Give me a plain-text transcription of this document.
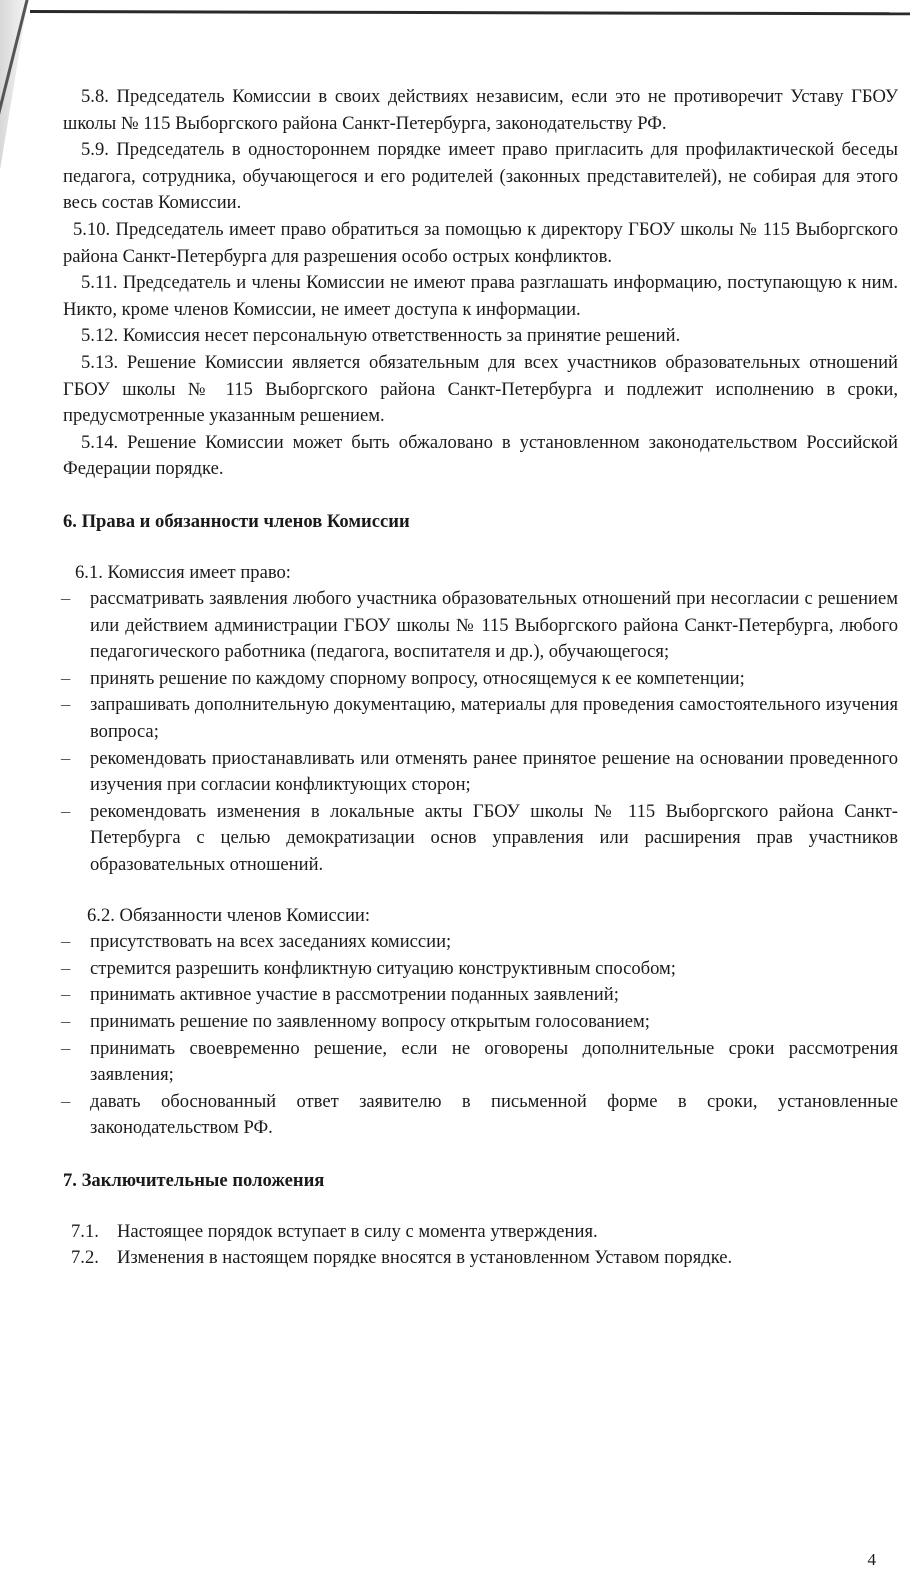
5.8. Председатель Комиссии в своих действиях независим, если это не противоречит Уставу ГБОУ школы № 115 Выборгского района Санкт-Петербурга, законодательству РФ.

5.9. Председатель в одностороннем порядке имеет право пригласить для профилактической беседы педагога, сотрудника, обучающегося и его родителей (законных представителей), не собирая для этого весь состав Комиссии.

5.10. Председатель имеет право обратиться за помощью к директору ГБОУ школы № 115 Выборгского района Санкт-Петербурга для разрешения особо острых конфликтов.

5.11. Председатель и члены Комиссии не имеют права разглашать информацию, поступающую к ним. Никто, кроме членов Комиссии, не имеет доступа к информации.

5.12. Комиссия несет персональную ответственность за принятие решений.

5.13. Решение Комиссии является обязательным для всех участников образовательных отношений ГБОУ школы № 115 Выборгского района Санкт-Петербурга и подлежит исполнению в сроки, предусмотренные указанным решением.

5.14. Решение Комиссии может быть обжаловано в установленном законодательством Российской Федерации порядке.

6. Права и обязанности членов Комиссии

6.1. Комиссия имеет право:

– рассматривать заявления любого участника образовательных отношений при несогласии с решением или действием администрации ГБОУ школы № 115 Выборгского района Санкт-Петербурга, любого педагогического работника (педагога, воспитателя и др.), обучающегося;
– принять решение по каждому спорному вопросу, относящемуся к ее компетенции;
– запрашивать дополнительную документацию, материалы для проведения самостоятельного изучения вопроса;
– рекомендовать приостанавливать или отменять ранее принятое решение на основании проведенного изучения при согласии конфликтующих сторон;
– рекомендовать изменения в локальные акты ГБОУ школы № 115 Выборгского района Санкт-Петербурга с целью демократизации основ управления или расширения прав участников образовательных отношений.

6.2. Обязанности членов Комиссии:

– присутствовать на всех заседаниях комиссии;
– стремится разрешить конфликтную ситуацию конструктивным способом;
– принимать активное участие в рассмотрении поданных заявлений;
– принимать решение по заявленному вопросу открытым голосованием;
– принимать своевременно решение, если не оговорены дополнительные сроки рассмотрения заявления;
– давать обоснованный ответ заявителю в письменной форме в сроки, установленные законодательством РФ.

7. Заключительные положения

7.1. Настоящее порядок вступает в силу с момента утверждения.
7.2. Изменения в настоящем порядке вносятся в установленном Уставом порядке.
4
